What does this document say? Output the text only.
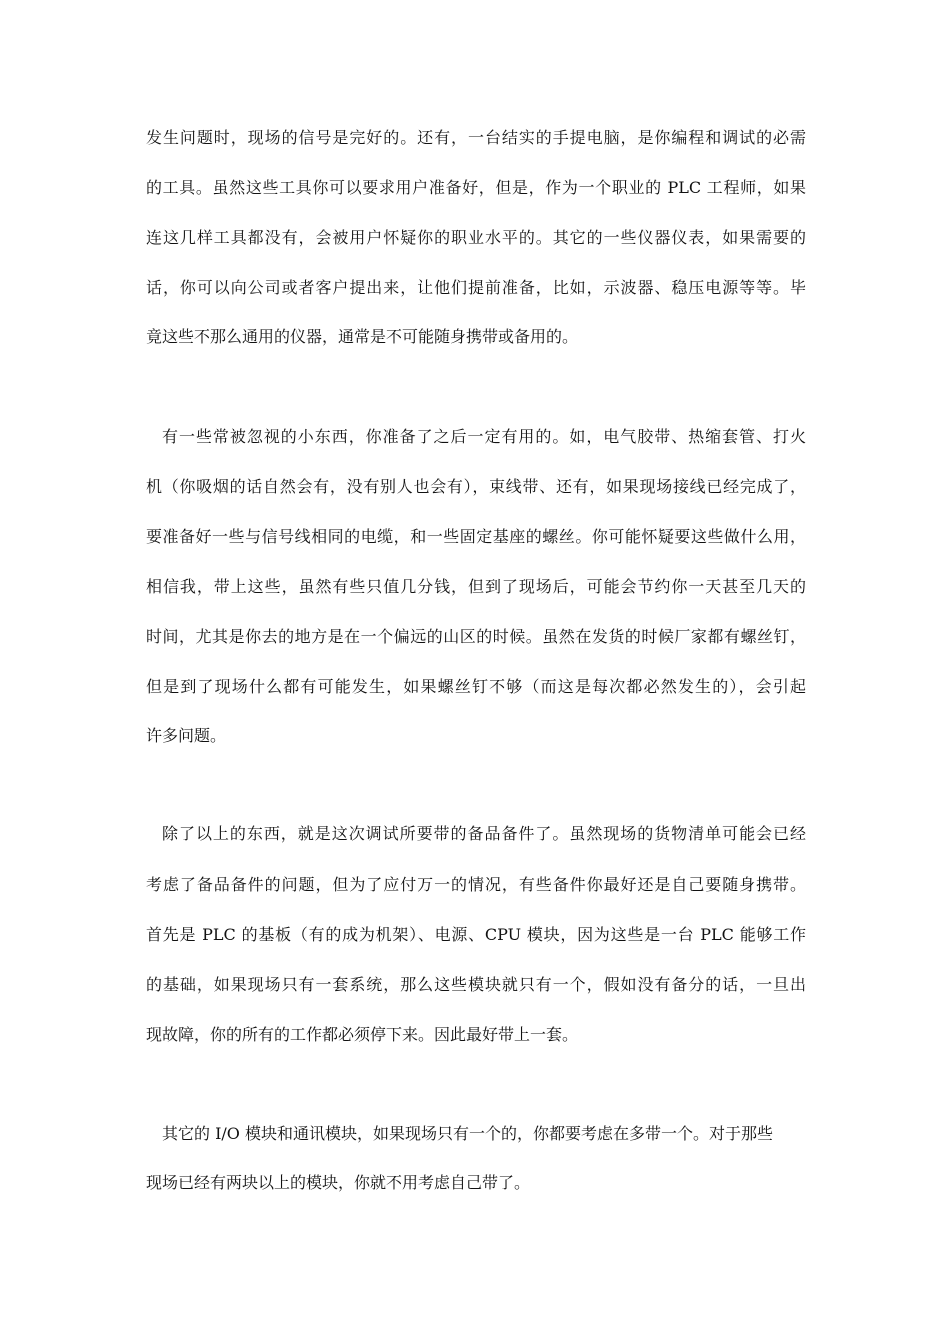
发生问题时，现场的信号是完好的。还有，一台结实的手提电脑，是你编程和调试的必需
的工具。虽然这些工具你可以要求用户准备好，但是，作为一个职业的 PLC 工程师，如果
连这几样工具都没有，会被用户怀疑你的职业水平的。其它的一些仪器仪表，如果需要的
话，你可以向公司或者客户提出来，让他们提前准备，比如，示波器、稳压电源等等。毕
竟这些不那么通用的仪器，通常是不可能随身携带或备用的。
有一些常被忽视的小东西，你准备了之后一定有用的。如，电气胶带、热缩套管、打火
机（你吸烟的话自然会有，没有别人也会有），束线带、还有，如果现场接线已经完成了，
要准备好一些与信号线相同的电缆，和一些固定基座的螺丝。你可能怀疑要这些做什么用，
相信我，带上这些，虽然有些只值几分钱，但到了现场后，可能会节约你一天甚至几天的
时间，尤其是你去的地方是在一个偏远的山区的时候。虽然在发货的时候厂家都有螺丝钉，
但是到了现场什么都有可能发生，如果螺丝钉不够（而这是每次都必然发生的），会引起
许多问题。
除了以上的东西，就是这次调试所要带的备品备件了。虽然现场的货物清单可能会已经
考虑了备品备件的问题，但为了应付万一的情况，有些备件你最好还是自己要随身携带。
首先是 PLC 的基板（有的成为机架）、电源、CPU 模块，因为这些是一台 PLC 能够工作
的基础，如果现场只有一套系统，那么这些模块就只有一个，假如没有备分的话，一旦出
现故障，你的所有的工作都必须停下来。因此最好带上一套。
其它的 I/O 模块和通讯模块，如果现场只有一个的，你都要考虑在多带一个。对于那些
现场已经有两块以上的模块，你就不用考虑自己带了。
